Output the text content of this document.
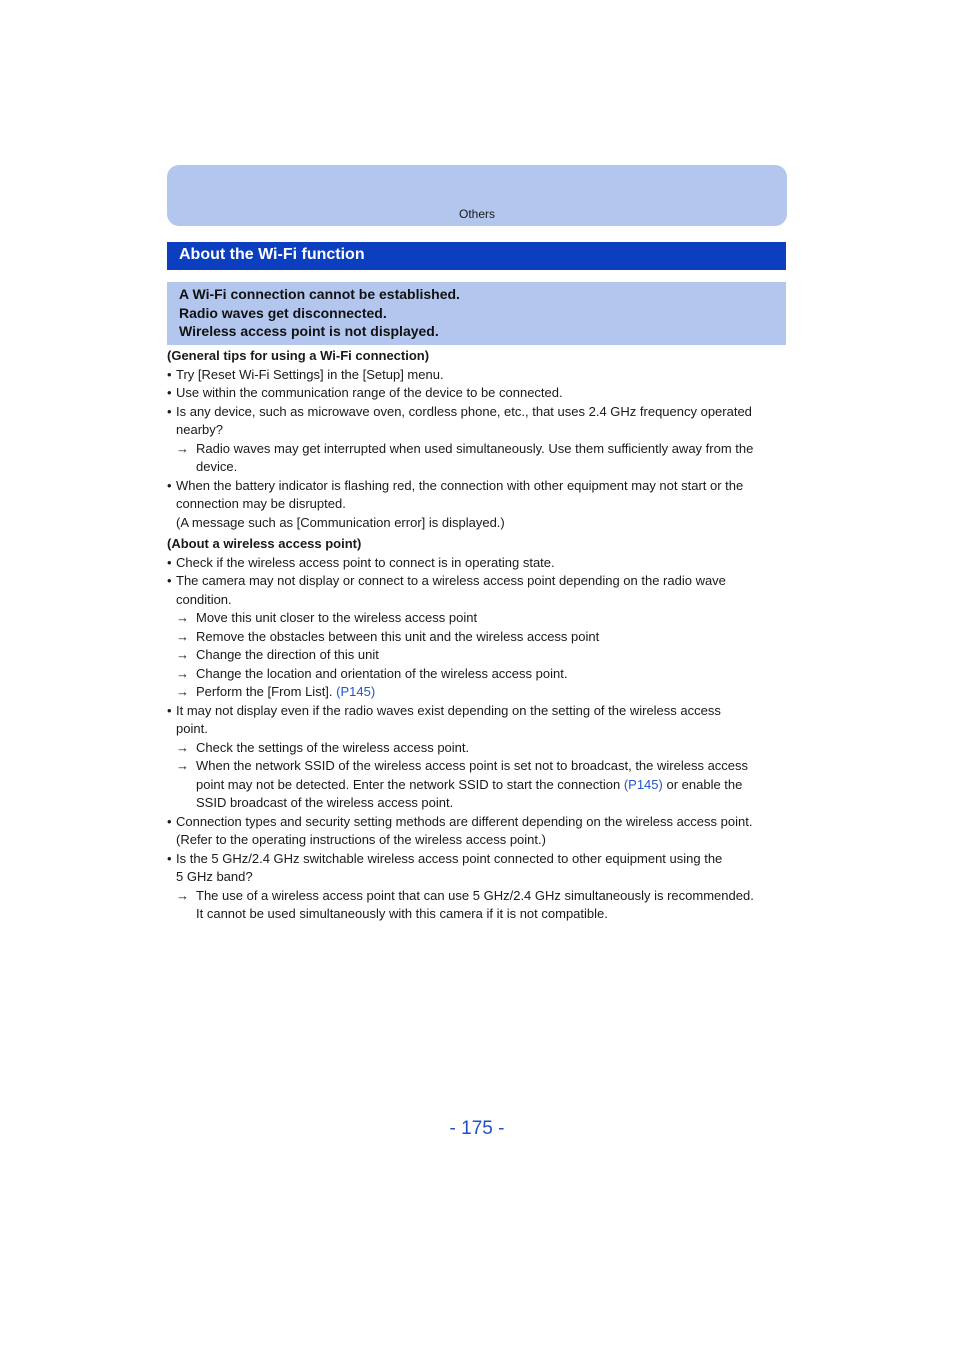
Others
About the Wi-Fi function
A Wi-Fi connection cannot be established.
Radio waves get disconnected.
Wireless access point is not displayed.
(General tips for using a Wi-Fi connection)
• Try [Reset Wi-Fi Settings] in the [Setup] menu.
• Use within the communication range of the device to be connected.
• Is any device, such as microwave oven, cordless phone, etc., that uses 2.4 GHz frequency operated
nearby?
→ Radio waves may get interrupted when used simultaneously. Use them sufficiently away from the
device.
• When the battery indicator is flashing red, the connection with other equipment may not start or the
connection may be disrupted.
(A message such as [Communication error] is displayed.)
(About a wireless access point)
• Check if the wireless access point to connect is in operating state.
• The camera may not display or connect to a wireless access point depending on the radio wave
condition.
→ Move this unit closer to the wireless access point
→ Remove the obstacles between this unit and the wireless access point
→ Change the direction of this unit
→ Change the location and orientation of the wireless access point.
→ Perform the [From List]. (P145)
• It may not display even if the radio waves exist depending on the setting of the wireless access
point.
→ Check the settings of the wireless access point.
→ When the network SSID of the wireless access point is set not to broadcast, the wireless access
point may not be detected. Enter the network SSID to start the connection (P145) or enable the
SSID broadcast of the wireless access point.
• Connection types and security setting methods are different depending on the wireless access point.
(Refer to the operating instructions of the wireless access point.)
• Is the 5 GHz/2.4 GHz switchable wireless access point connected to other equipment using the
5 GHz band?
→ The use of a wireless access point that can use 5 GHz/2.4 GHz simultaneously is recommended.
It cannot be used simultaneously with this camera if it is not compatible.
- 175 -
